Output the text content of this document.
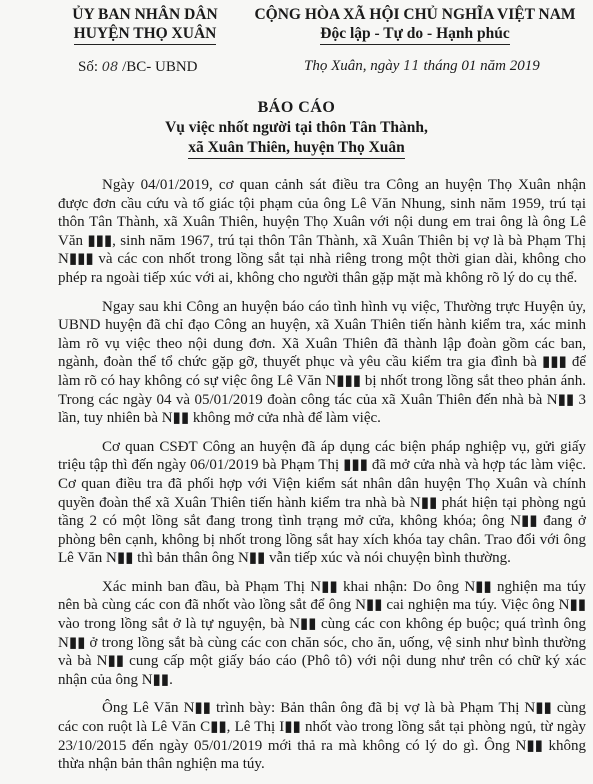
ỦY BAN NHÂN DÂN
HUYỆN THỌ XUÂN
CỘNG HÒA XÃ HỘI CHỦ NGHĨA VIỆT NAM
Độc lập - Tự do - Hạnh phúc
Số: 08 /BC- UBND	Thọ Xuân, ngày 11 tháng 01 năm 2019
BÁO CÁO
Vụ việc nhốt người tại thôn Tân Thành,
xã Xuân Thiên, huyện Thọ Xuân

Ngày 04/01/2019, cơ quan cảnh sát điều tra Công an huyện Thọ Xuân nhận được đơn cầu cứu và tố giác tội phạm của ông Lê Văn Nhung, sinh năm 1959, trú tại thôn Tân Thành, xã Xuân Thiên, huyện Thọ Xuân với nội dung em trai ông là ông Lê Văn ▮▮▮, sinh năm 1967, trú tại thôn Tân Thành, xã Xuân Thiên bị vợ là bà Phạm Thị N▮▮▮ và các con nhốt trong lồng sắt tại nhà riêng trong một thời gian dài, không cho phép ra ngoài tiếp xúc với ai, không cho người thân gặp mặt mà không rõ lý do cụ thể.

Ngay sau khi Công an huyện báo cáo tình hình vụ việc, Thường trực Huyện ủy, UBND huyện đã chỉ đạo Công an huyện, xã Xuân Thiên tiến hành kiểm tra, xác minh làm rõ vụ việc theo nội dung đơn. Xã Xuân Thiên đã thành lập đoàn gồm các ban, ngành, đoàn thể tổ chức gặp gỡ, thuyết phục và yêu cầu kiểm tra gia đình bà ▮▮▮ để làm rõ có hay không có sự việc ông Lê Văn N▮▮▮ bị nhốt trong lồng sắt theo phản ánh. Trong các ngày 04 và 05/01/2019 đoàn công tác của xã Xuân Thiên đến nhà bà N▮▮ 3 lần, tuy nhiên bà N▮▮ không mở cửa nhà để làm việc.

Cơ quan CSĐT Công an huyện đã áp dụng các biện pháp nghiệp vụ, gửi giấy triệu tập thì đến ngày 06/01/2019 bà Phạm Thị ▮▮▮ đã mở cửa nhà và hợp tác làm việc. Cơ quan điều tra đã phối hợp với Viện kiểm sát nhân dân huyện Thọ Xuân và chính quyền đoàn thể xã Xuân Thiên tiến hành kiểm tra nhà bà N▮▮ phát hiện tại phòng ngủ tầng 2 có một lồng sắt đang trong tình trạng mở cửa, không khóa; ông N▮▮ đang ở phòng bên cạnh, không bị nhốt trong lồng sắt hay xích khóa tay chân. Trao đổi với ông Lê Văn N▮▮ thì bản thân ông N▮▮ vẫn tiếp xúc và nói chuyện bình thường.

Xác minh ban đầu, bà Phạm Thị N▮▮ khai nhận: Do ông N▮▮ nghiện ma túy nên bà cùng các con đã nhốt vào lồng sắt để ông N▮▮ cai nghiện ma túy. Việc ông N▮▮ vào trong lồng sắt ở là tự nguyện, bà N▮▮ cùng các con không ép buộc; quá trình ông N▮▮ ở trong lồng sắt bà cùng các con chăn sóc, cho ăn, uống, vệ sinh như bình thường và bà N▮▮ cung cấp một giấy báo cáo (Phô tô) với nội dung như trên có chữ ký xác nhận của ông N▮▮.

Ông Lê Văn N▮▮ trình bày: Bản thân ông đã bị vợ là bà Phạm Thị N▮▮ cùng các con ruột là Lê Văn C▮▮, Lê Thị I▮▮ nhốt vào trong lồng sắt tại phòng ngủ, từ ngày 23/10/2015 đến ngày 05/01/2019 mới thả ra mà không có lý do gì. Ông N▮▮ không thừa nhận bản thân nghiện ma túy.
